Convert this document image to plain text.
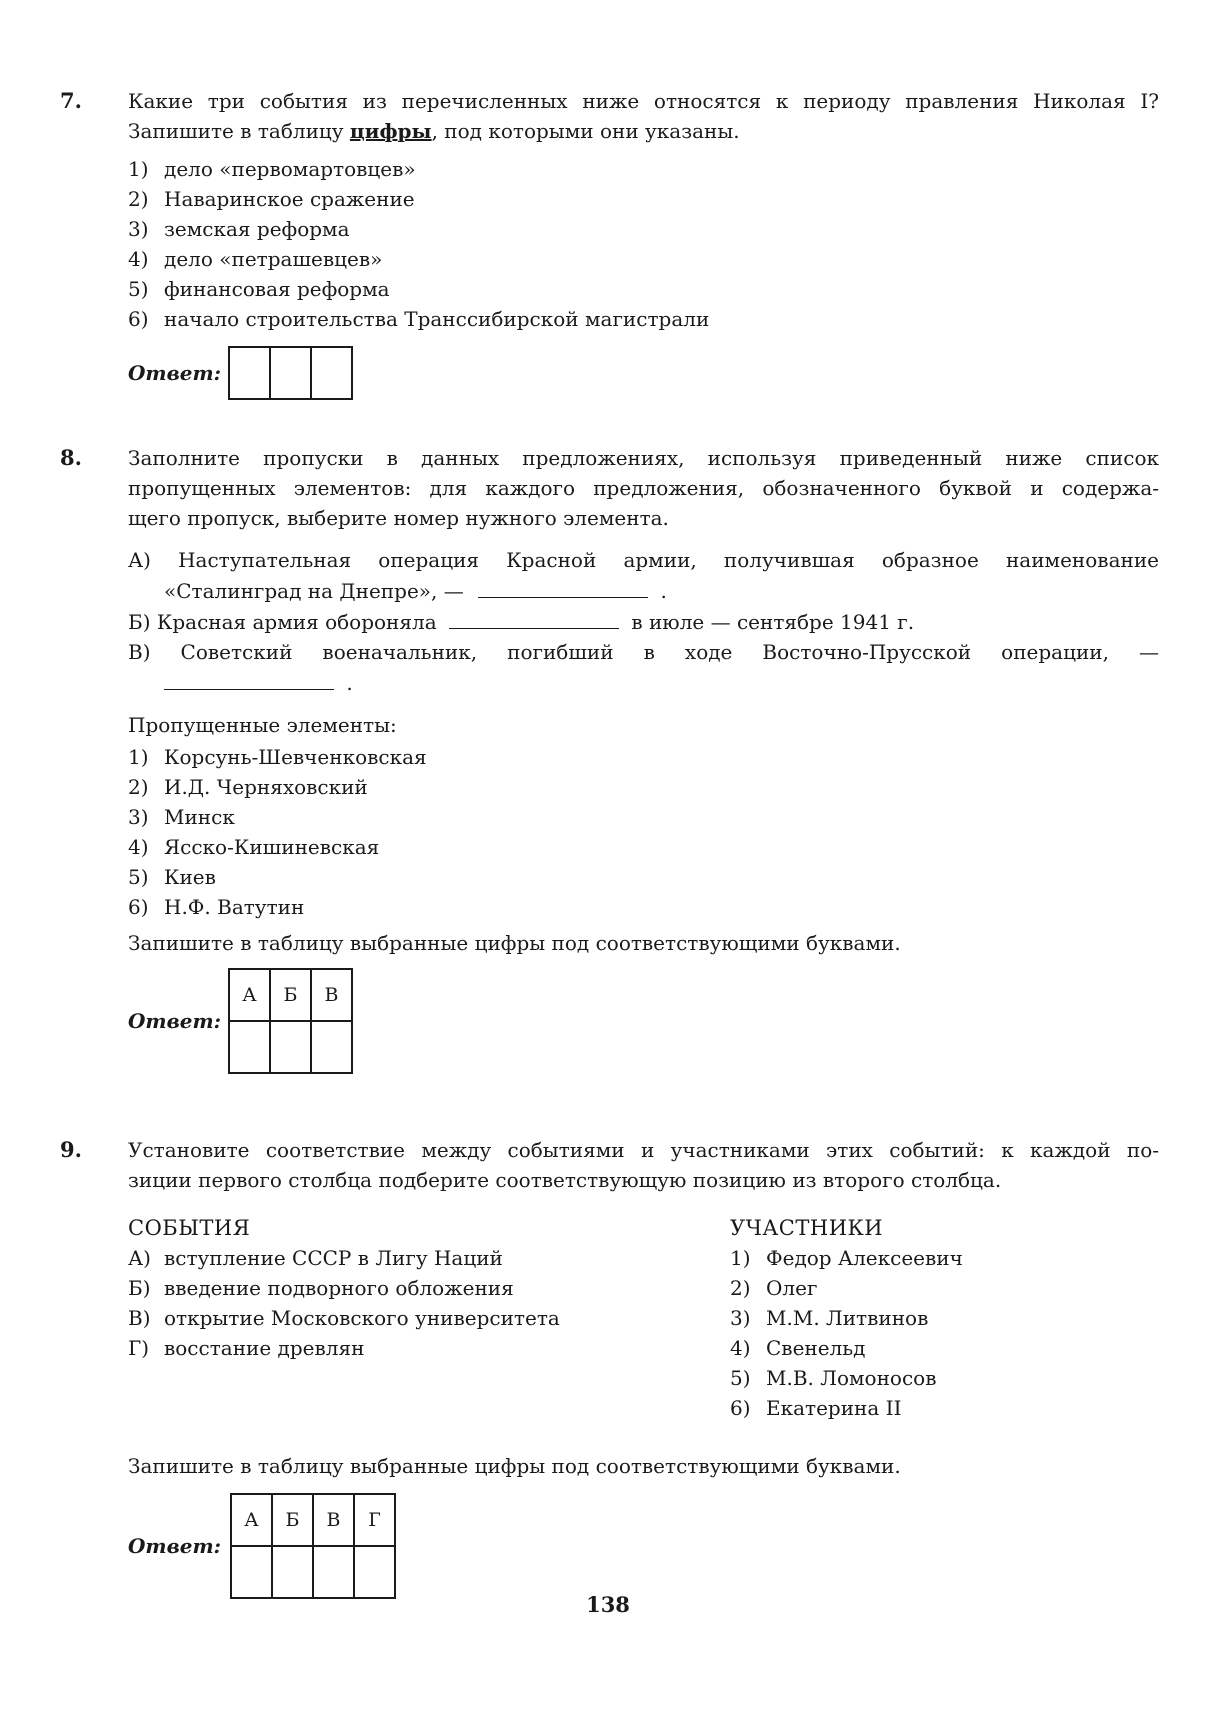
7. Какие три события из перечисленных ниже относятся к периоду правления Николая I?
Запишите в таблицу цифры, под которыми они указаны.
1) дело «первомартовцев»
2) Наваринское сражение
3) земская реформа
4) дело «петрашевцев»
5) финансовая реформа
6) начало строительства Транссибирской магистрали
Ответ:

8. Заполните пропуски в данных предложениях, используя приведенный ниже список
пропущенных элементов: для каждого предложения, обозначенного буквой и содержа-
щего пропуск, выберите номер нужного элемента.
А) Наступательная операция Красной армии, получившая образное наименование
«Сталинград на Днепре», —	.
Б) Красная армия обороняла	в июле — сентябре 1941 г.
В) Советский военачальник, погибший в ходе Восточно-Прусской операции, —
.
Пропущенные элементы:
1) Корсунь-Шевченковская
2) И.Д. Черняховский
3) Минск
4) Ясско-Кишиневская
5) Киев
6) Н.Ф. Ватутин
Запишите в таблицу выбранные цифры под соответствующими буквами.
Ответ:
А	Б	В

9. Установите соответствие между событиями и участниками этих событий: к каждой по-
зиции первого столбца подберите соответствующую позицию из второго столбца.
СОБЫТИЯ
А) вступление СССР в Лигу Наций
Б) введение подворного обложения
В) открытие Московского университета
Г) восстание древлян
УЧАСТНИКИ
1) Федор Алексеевич
2) Олег
3) М.М. Литвинов
4) Свенельд
5) М.В. Ломоносов
6) Екатерина II
Запишите в таблицу выбранные цифры под соответствующими буквами.
Ответ:
А	Б	В	Г

138
